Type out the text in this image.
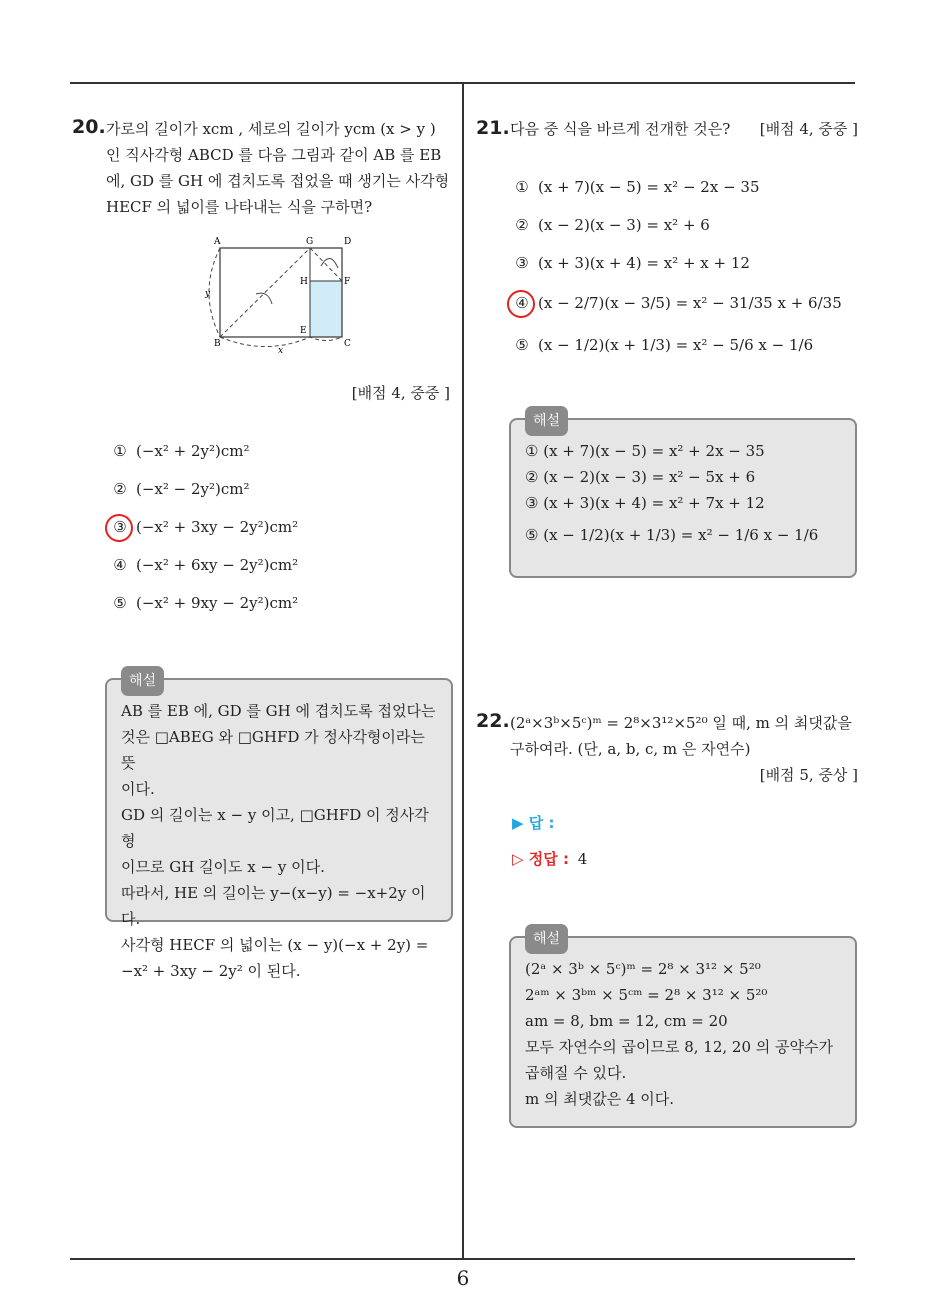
6
20. 가로의 길이가 xcm , 세로의 길이가 ycm (x > y )
인 직사각형 ABCD 를 다음 그림과 같이 AB 를 EB
에, GD 를 GH 에 겹치도록 접었을 때 생기는 사각형
HECF 의 넓이를 나타내는 식을 구하면?
A	G	D
H	F
E
B	C
y
x
[배점 4, 중중 ]
① (−x² + 2y²)cm²
② (−x² − 2y²)cm²
③ (−x² + 3xy − 2y²)cm²
④ (−x² + 6xy − 2y²)cm²
⑤ (−x² + 9xy − 2y²)cm²
해설
AB 를 EB 에, GD 를 GH 에 겹치도록 접었다는
것은 □ABEG 와 □GHFD 가 정사각형이라는 뜻
이다.
GD 의 길이는 x − y 이고, □GHFD 이 정사각형
이므로 GH 길이도 x − y 이다.
따라서, HE 의 길이는 y−(x−y) = −x+2y 이다.
사각형 HECF 의 넓이는 (x − y)(−x + 2y) =
−x² + 3xy − 2y² 이 된다.
21. 다음 중 식을 바르게 전개한 것은? [배점 4, 중중 ]
① (x + 7)(x − 5) = x² − 2x − 35
② (x − 2)(x − 3) = x² + 6
③ (x + 3)(x + 4) = x² + x + 12
④ (x − 2/7)(x − 3/5) = x² − 31/35 x + 6/35
⑤ (x − 1/2)(x + 1/3) = x² − 5/6 x − 1/6
해설
① (x + 7)(x − 5) = x² + 2x − 35
② (x − 2)(x − 3) = x² − 5x + 6
③ (x + 3)(x + 4) = x² + 7x + 12
⑤ (x − 1/2)(x + 1/3) = x² − 1/6 x − 1/6
22. (2ᵃ×3ᵇ×5ᶜ)ᵐ = 2⁸×3¹²×5²⁰ 일 때, m 의 최댓값을
구하여라. (단, a, b, c, m 은 자연수)
[배점 5, 중상 ]
▶ 답 :
▷ 정답 : 4
해설
(2ᵃ × 3ᵇ × 5ᶜ)ᵐ = 2⁸ × 3¹² × 5²⁰
2ᵃᵐ × 3ᵇᵐ × 5ᶜᵐ = 2⁸ × 3¹² × 5²⁰
am = 8, bm = 12, cm = 20
모두 자연수의 곱이므로 8, 12, 20 의 공약수가
곱해질 수 있다.
m 의 최댓값은 4 이다.
